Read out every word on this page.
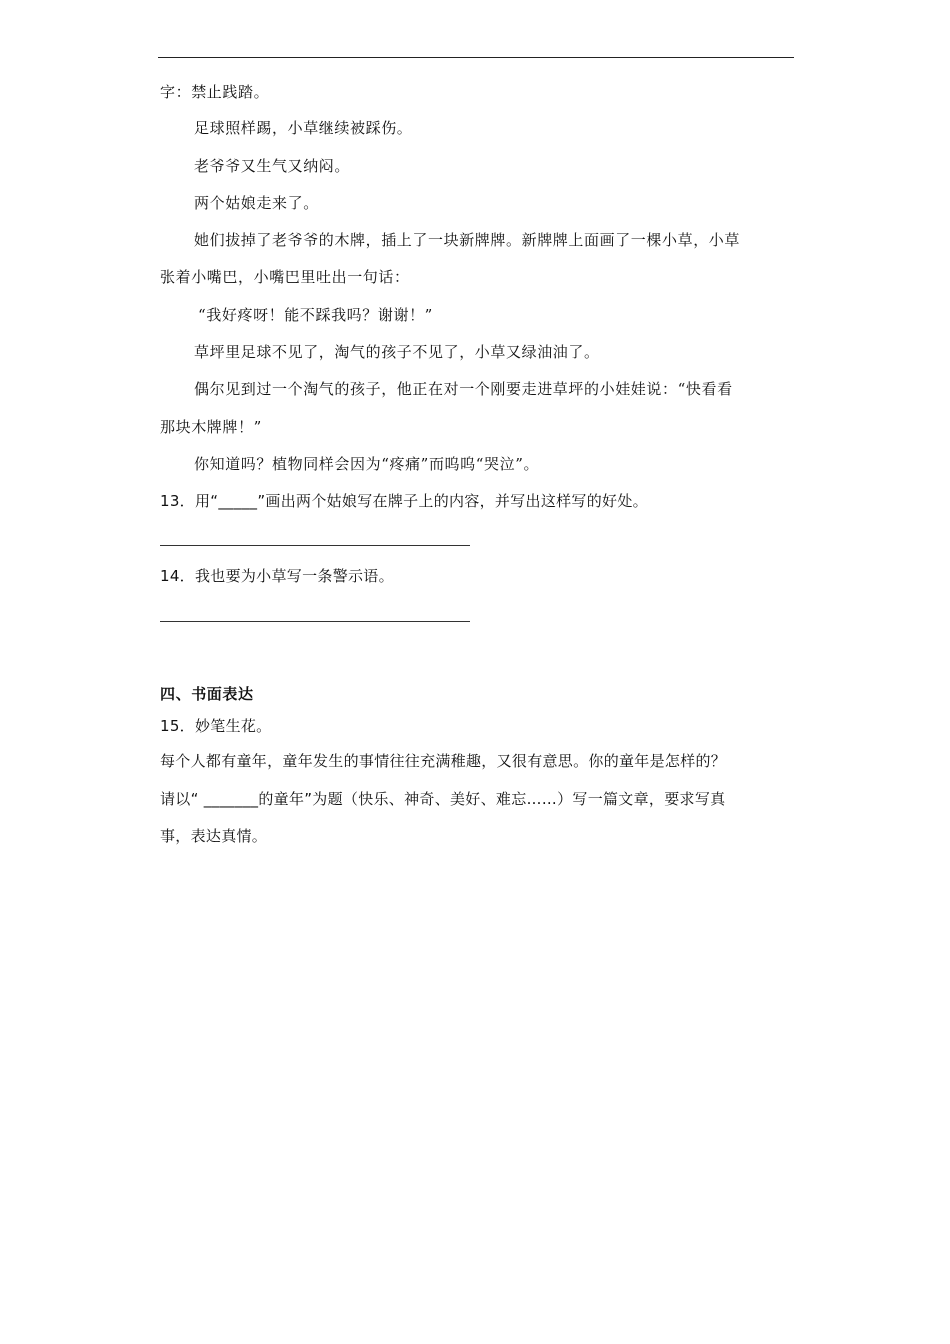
字：禁止践踏。
足球照样踢，小草继续被踩伤。
老爷爷又生气又纳闷。
两个姑娘走来了。
她们拔掉了老爷爷的木牌，插上了一块新牌牌。新牌牌上面画了一棵小草，小草
张着小嘴巴，小嘴巴里吐出一句话：
“我好疼呀！能不踩我吗？谢谢！”
草坪里足球不见了，淘气的孩子不见了，小草又绿油油了。
偶尔见到过一个淘气的孩子，他正在对一个刚要走进草坪的小娃娃说：“快看看
那块木牌牌！”
你知道吗？植物同样会因为“疼痛”而呜呜“哭泣”。
13．用“_____”画出两个姑娘写在牌子上的内容，并写出这样写的好处。
14．我也要为小草写一条警示语。
四、书面表达
15．妙笔生花。
每个人都有童年，童年发生的事情往往充满稚趣，又很有意思。你的童年是怎样的？
请以“ _______的童年”为题（快乐、神奇、美好、难忘……）写一篇文章，要求写真
事，表达真情。
